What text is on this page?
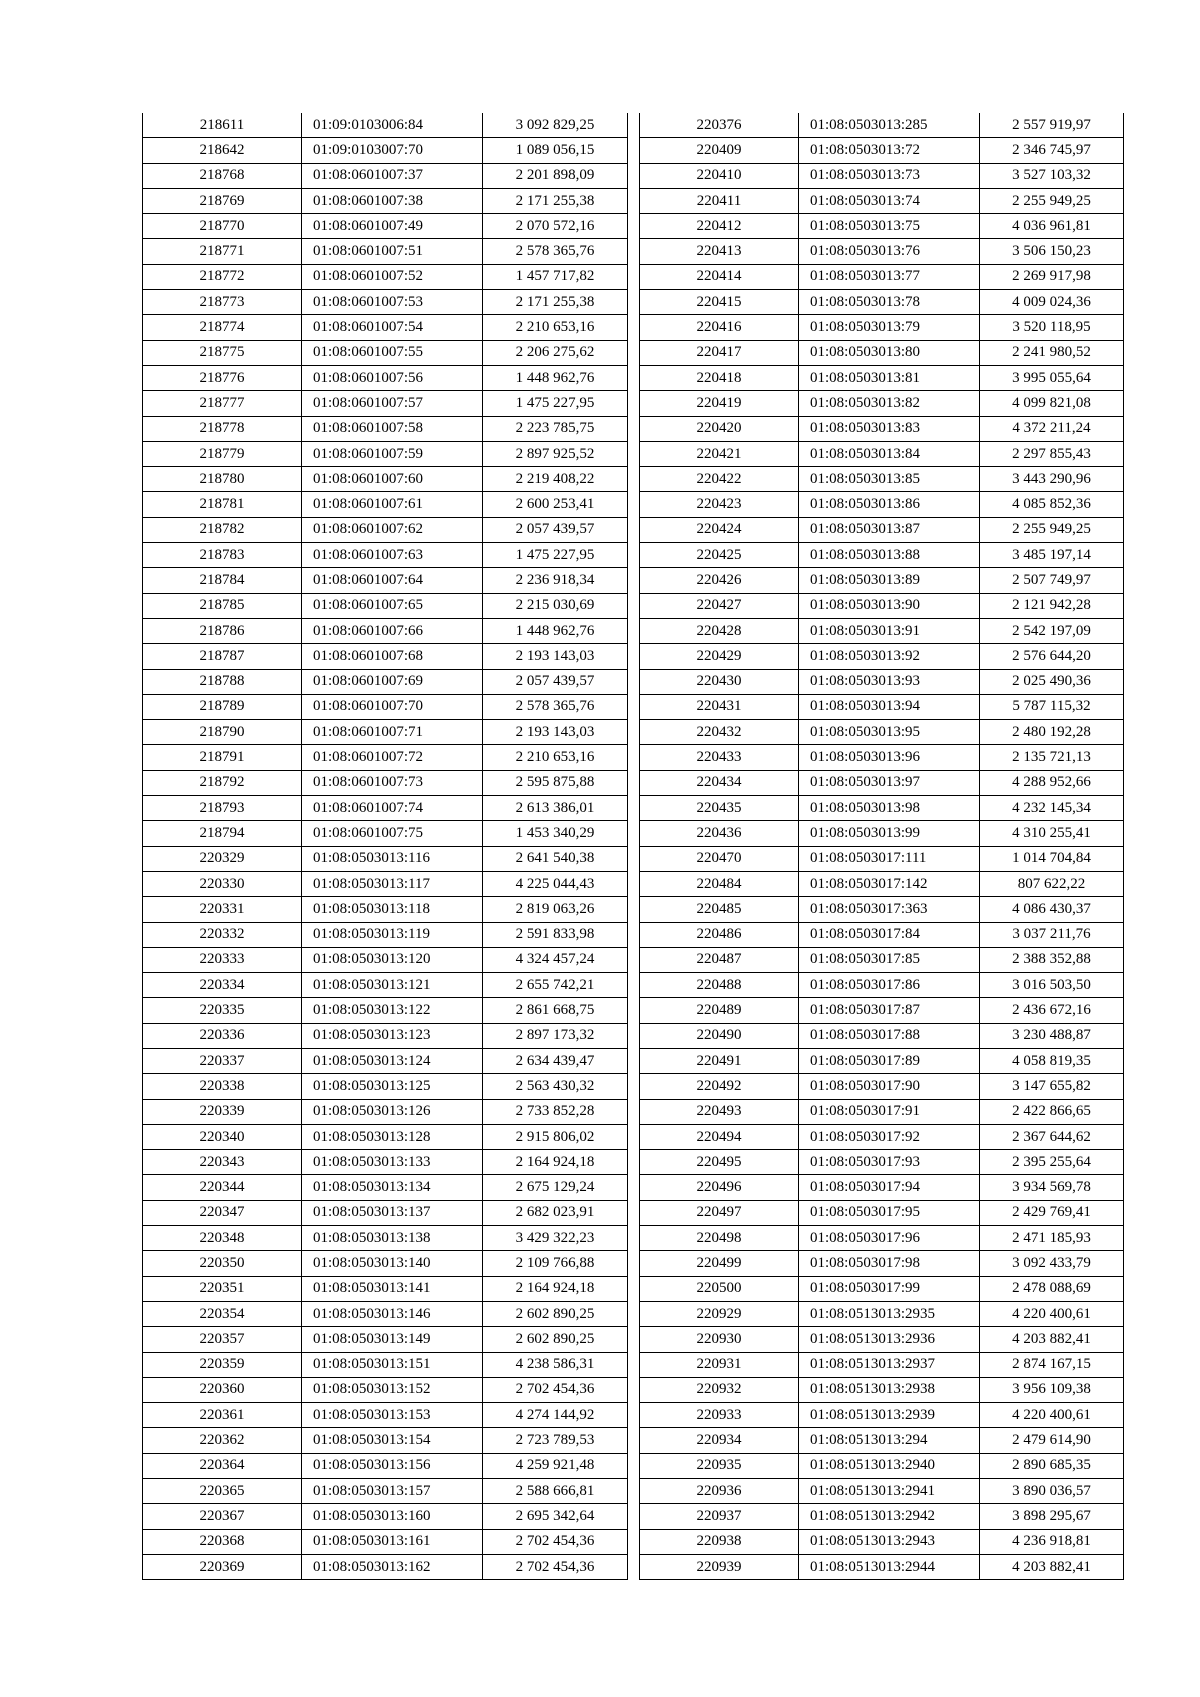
218611	01:09:0103006:84	3 092 829,25
218642	01:09:0103007:70	1 089 056,15
218768	01:08:0601007:37	2 201 898,09
218769	01:08:0601007:38	2 171 255,38
218770	01:08:0601007:49	2 070 572,16
218771	01:08:0601007:51	2 578 365,76
218772	01:08:0601007:52	1 457 717,82
218773	01:08:0601007:53	2 171 255,38
218774	01:08:0601007:54	2 210 653,16
218775	01:08:0601007:55	2 206 275,62
218776	01:08:0601007:56	1 448 962,76
218777	01:08:0601007:57	1 475 227,95
218778	01:08:0601007:58	2 223 785,75
218779	01:08:0601007:59	2 897 925,52
218780	01:08:0601007:60	2 219 408,22
218781	01:08:0601007:61	2 600 253,41
218782	01:08:0601007:62	2 057 439,57
218783	01:08:0601007:63	1 475 227,95
218784	01:08:0601007:64	2 236 918,34
218785	01:08:0601007:65	2 215 030,69
218786	01:08:0601007:66	1 448 962,76
218787	01:08:0601007:68	2 193 143,03
218788	01:08:0601007:69	2 057 439,57
218789	01:08:0601007:70	2 578 365,76
218790	01:08:0601007:71	2 193 143,03
218791	01:08:0601007:72	2 210 653,16
218792	01:08:0601007:73	2 595 875,88
218793	01:08:0601007:74	2 613 386,01
218794	01:08:0601007:75	1 453 340,29
220329	01:08:0503013:116	2 641 540,38
220330	01:08:0503013:117	4 225 044,43
220331	01:08:0503013:118	2 819 063,26
220332	01:08:0503013:119	2 591 833,98
220333	01:08:0503013:120	4 324 457,24
220334	01:08:0503013:121	2 655 742,21
220335	01:08:0503013:122	2 861 668,75
220336	01:08:0503013:123	2 897 173,32
220337	01:08:0503013:124	2 634 439,47
220338	01:08:0503013:125	2 563 430,32
220339	01:08:0503013:126	2 733 852,28
220340	01:08:0503013:128	2 915 806,02
220343	01:08:0503013:133	2 164 924,18
220344	01:08:0503013:134	2 675 129,24
220347	01:08:0503013:137	2 682 023,91
220348	01:08:0503013:138	3 429 322,23
220350	01:08:0503013:140	2 109 766,88
220351	01:08:0503013:141	2 164 924,18
220354	01:08:0503013:146	2 602 890,25
220357	01:08:0503013:149	2 602 890,25
220359	01:08:0503013:151	4 238 586,31
220360	01:08:0503013:152	2 702 454,36
220361	01:08:0503013:153	4 274 144,92
220362	01:08:0503013:154	2 723 789,53
220364	01:08:0503013:156	4 259 921,48
220365	01:08:0503013:157	2 588 666,81
220367	01:08:0503013:160	2 695 342,64
220368	01:08:0503013:161	2 702 454,36
220369	01:08:0503013:162	2 702 454,36
220376	01:08:0503013:285	2 557 919,97
220409	01:08:0503013:72	2 346 745,97
220410	01:08:0503013:73	3 527 103,32
220411	01:08:0503013:74	2 255 949,25
220412	01:08:0503013:75	4 036 961,81
220413	01:08:0503013:76	3 506 150,23
220414	01:08:0503013:77	2 269 917,98
220415	01:08:0503013:78	4 009 024,36
220416	01:08:0503013:79	3 520 118,95
220417	01:08:0503013:80	2 241 980,52
220418	01:08:0503013:81	3 995 055,64
220419	01:08:0503013:82	4 099 821,08
220420	01:08:0503013:83	4 372 211,24
220421	01:08:0503013:84	2 297 855,43
220422	01:08:0503013:85	3 443 290,96
220423	01:08:0503013:86	4 085 852,36
220424	01:08:0503013:87	2 255 949,25
220425	01:08:0503013:88	3 485 197,14
220426	01:08:0503013:89	2 507 749,97
220427	01:08:0503013:90	2 121 942,28
220428	01:08:0503013:91	2 542 197,09
220429	01:08:0503013:92	2 576 644,20
220430	01:08:0503013:93	2 025 490,36
220431	01:08:0503013:94	5 787 115,32
220432	01:08:0503013:95	2 480 192,28
220433	01:08:0503013:96	2 135 721,13
220434	01:08:0503013:97	4 288 952,66
220435	01:08:0503013:98	4 232 145,34
220436	01:08:0503013:99	4 310 255,41
220470	01:08:0503017:111	1 014 704,84
220484	01:08:0503017:142	807 622,22
220485	01:08:0503017:363	4 086 430,37
220486	01:08:0503017:84	3 037 211,76
220487	01:08:0503017:85	2 388 352,88
220488	01:08:0503017:86	3 016 503,50
220489	01:08:0503017:87	2 436 672,16
220490	01:08:0503017:88	3 230 488,87
220491	01:08:0503017:89	4 058 819,35
220492	01:08:0503017:90	3 147 655,82
220493	01:08:0503017:91	2 422 866,65
220494	01:08:0503017:92	2 367 644,62
220495	01:08:0503017:93	2 395 255,64
220496	01:08:0503017:94	3 934 569,78
220497	01:08:0503017:95	2 429 769,41
220498	01:08:0503017:96	2 471 185,93
220499	01:08:0503017:98	3 092 433,79
220500	01:08:0503017:99	2 478 088,69
220929	01:08:0513013:2935	4 220 400,61
220930	01:08:0513013:2936	4 203 882,41
220931	01:08:0513013:2937	2 874 167,15
220932	01:08:0513013:2938	3 956 109,38
220933	01:08:0513013:2939	4 220 400,61
220934	01:08:0513013:294	2 479 614,90
220935	01:08:0513013:2940	2 890 685,35
220936	01:08:0513013:2941	3 890 036,57
220937	01:08:0513013:2942	3 898 295,67
220938	01:08:0513013:2943	4 236 918,81
220939	01:08:0513013:2944	4 203 882,41
